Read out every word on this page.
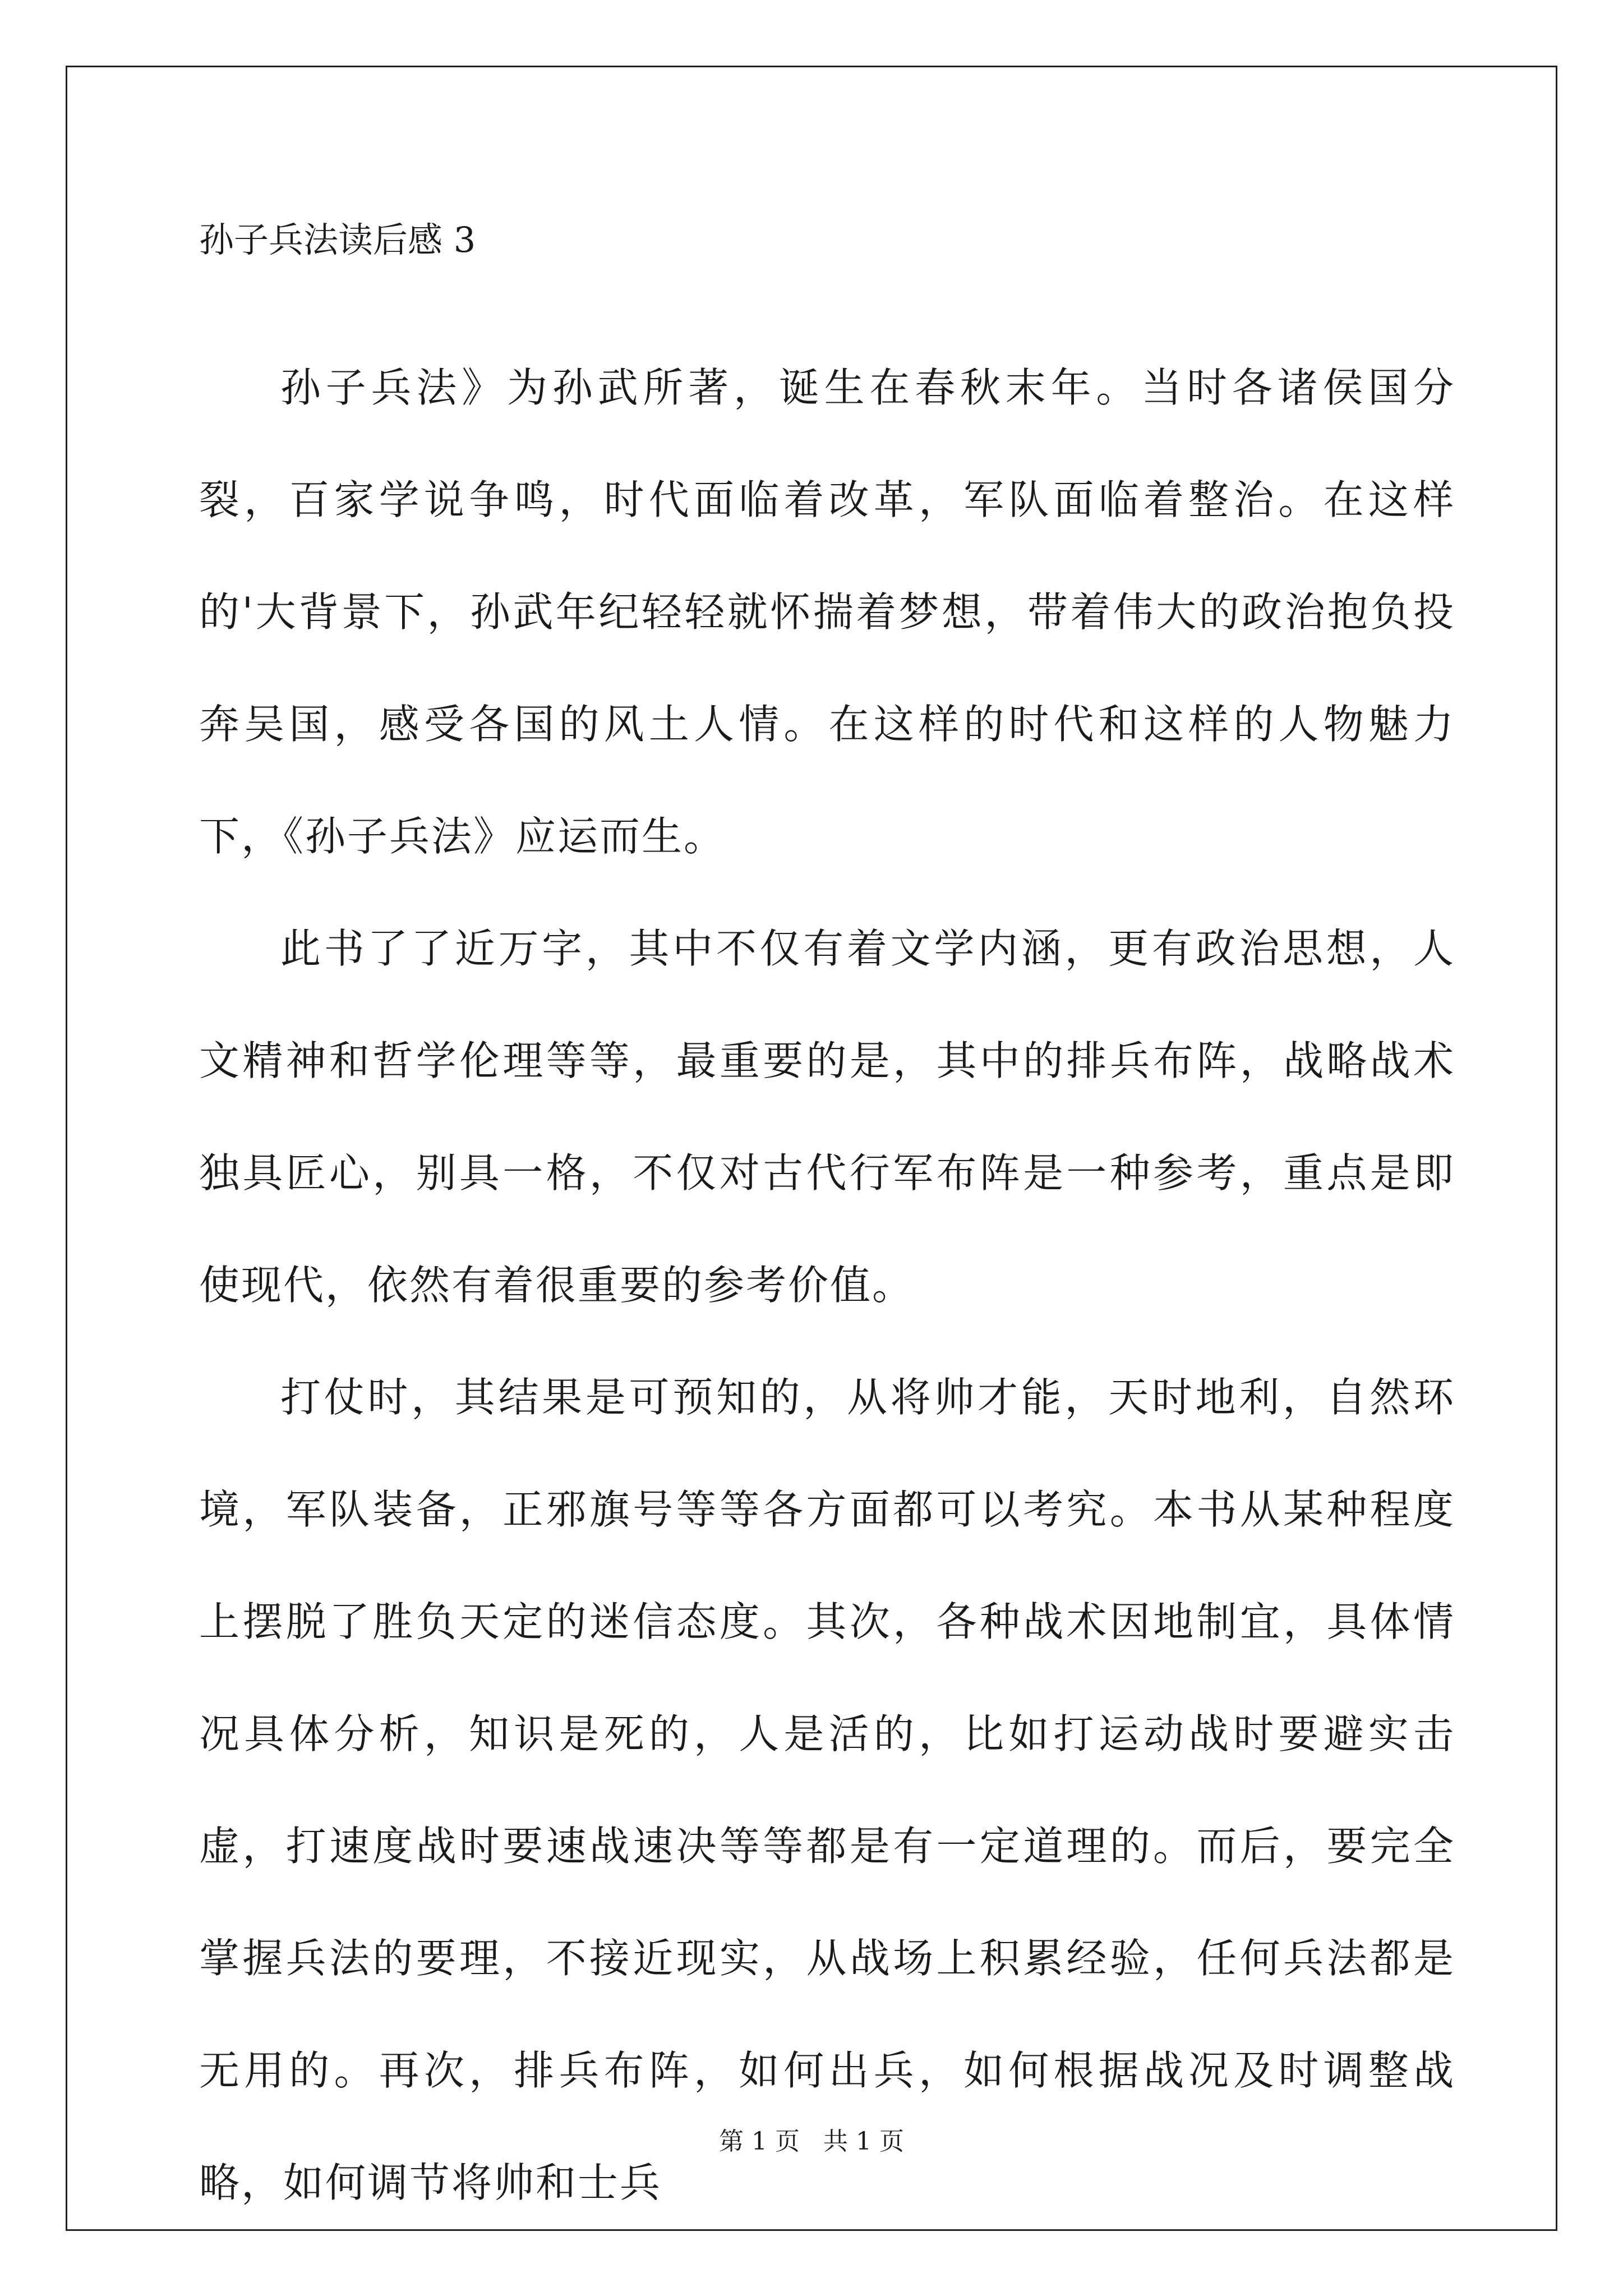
孙子兵法读后感 3

孙子兵法》为孙武所著，诞生在春秋末年。当时各诸侯国分裂，百家学说争鸣，时代面临着改革，军队面临着整治。在这样的'大背景下，孙武年纪轻轻就怀揣着梦想，带着伟大的政治抱负投奔吴国，感受各国的风土人情。在这样的时代和这样的人物魅力下，《孙子兵法》应运而生。

此书了了近万字，其中不仅有着文学内涵，更有政治思想，人文精神和哲学伦理等等，最重要的是，其中的排兵布阵，战略战术独具匠心，别具一格，不仅对古代行军布阵是一种参考，重点是即使现代，依然有着很重要的参考价值。

打仗时，其结果是可预知的，从将帅才能，天时地利，自然环境，军队装备，正邪旗号等等各方面都可以考究。本书从某种程度上摆脱了胜负天定的迷信态度。其次，各种战术因地制宜，具体情况具体分析，知识是死的，人是活的，比如打运动战时要避实击虚，打速度战时要速战速决等等都是有一定道理的。而后，要完全掌握兵法的要理，不接近现实，从战场上积累经验，任何兵法都是无用的。再次，排兵布阵，如何出兵，如何根据战况及时调整战略，如何调节将帅和士兵

第 1 页   共 1 页
